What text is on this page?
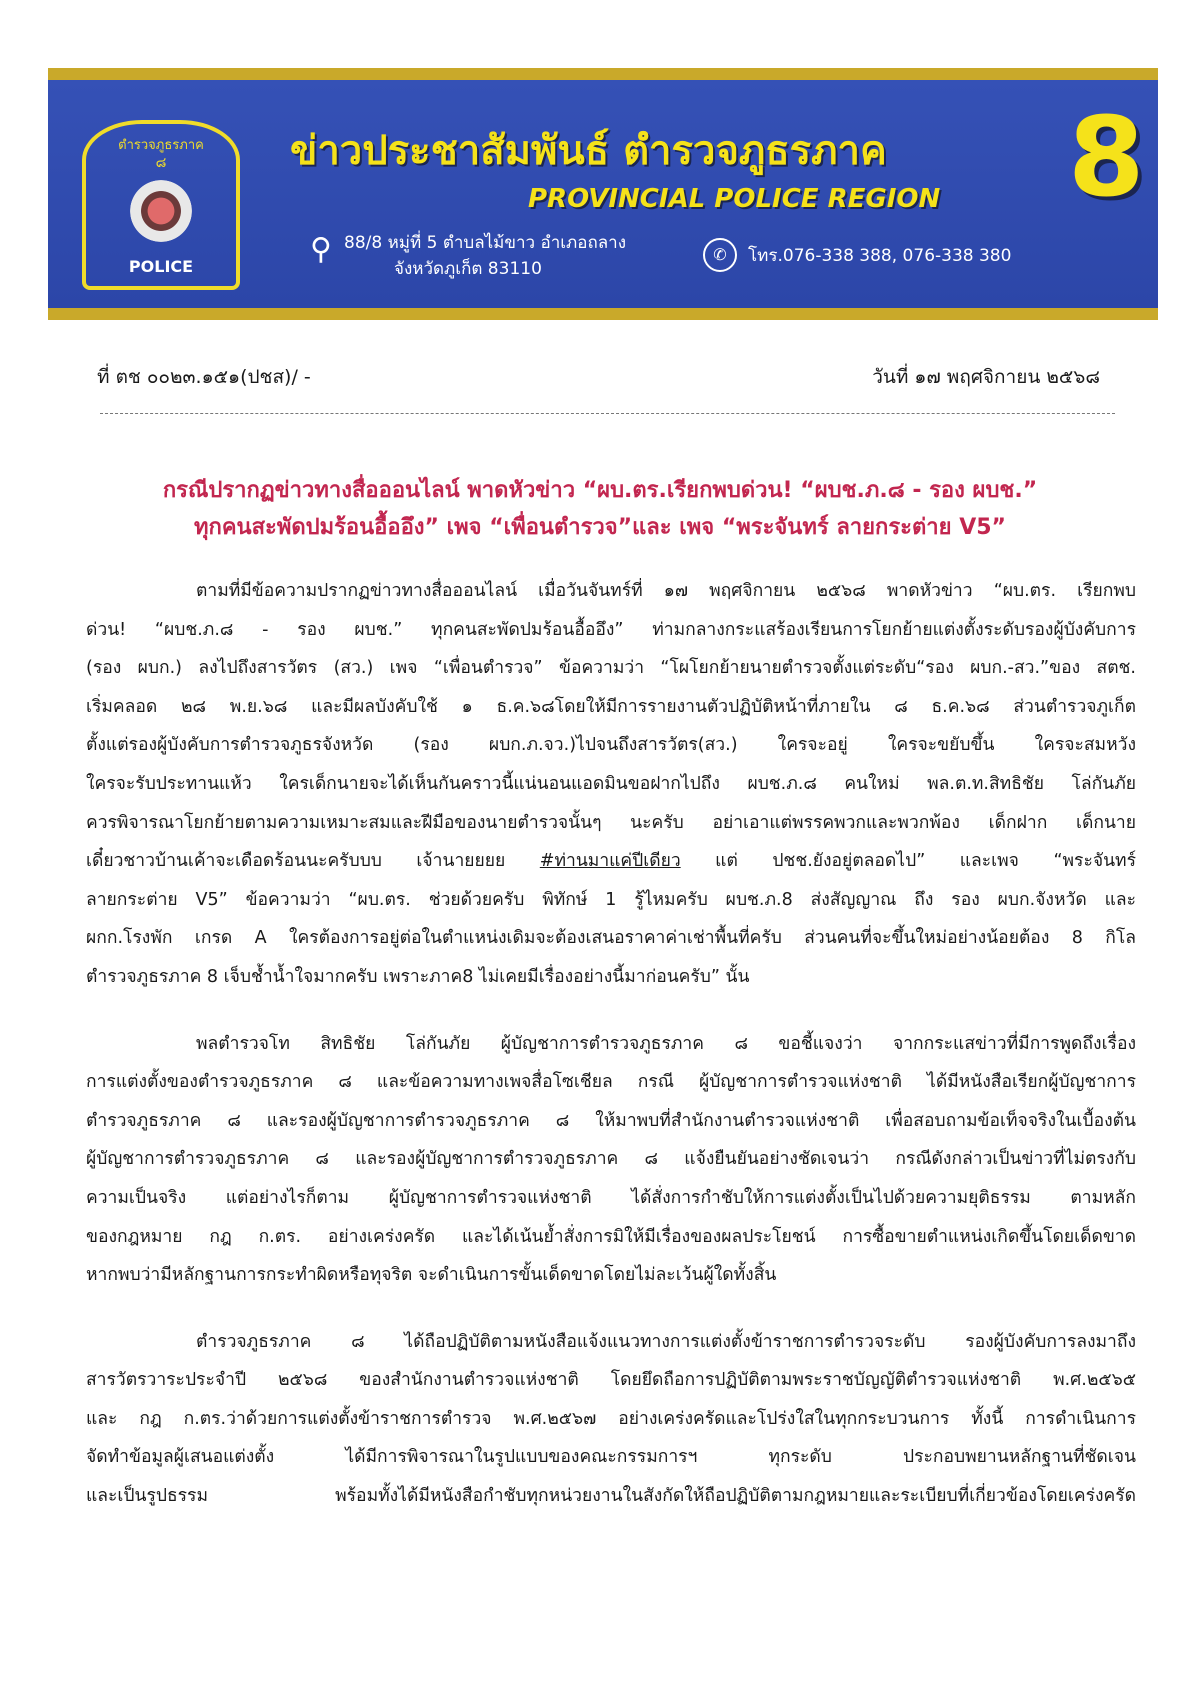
ตำรวจภูธรภาค
๘
POLICE
ข่าวประชาสัมพันธ์ ตำรวจภูธรภาค
PROVINCIAL POLICE REGION 8
⚲ 88/8 หมู่ที่ 5 ตำบลไม้ขาว อำเภอถลาง
จังหวัดภูเก็ต 83110
✆	โทร.076-338 388, 076-338 380
ที่ ตช ๐๐๒๓.๑๕๑(ปชส)/ -	วันที่ ๑๗ พฤศจิกายน ๒๕๖๘
กรณีปรากฏข่าวทางสื่อออนไลน์ พาดหัวข่าว “ผบ.ตร.เรียกพบด่วน! “ผบช.ภ.๘ - รอง ผบช.”
ทุกคนสะพัดปมร้อนอื้ออึง” เพจ “เพื่อนตำรวจ”และ เพจ “พระจันทร์ ลายกระต่าย V5”
ตามที่มีข้อความปรากฏข่าวทางสื่อออนไลน์ เมื่อวันจันทร์ที่ ๑๗ พฤศจิกายน ๒๕๖๘ พาดหัวข่าว “ผบ.ตร. เรียกพบ
ด่วน! “ผบช.ภ.๘ - รอง ผบช.” ทุกคนสะพัดปมร้อนอื้ออึง” ท่ามกลางกระแสร้องเรียนการโยกย้ายแต่งตั้งระดับรองผู้บังคับการ
(รอง ผบก.) ลงไปถึงสารวัตร (สว.) เพจ “เพื่อนตำรวจ” ข้อความว่า “โผโยกย้ายนายตำรวจตั้งแต่ระดับ“รอง ผบก.-สว.”ของ สตช.
เริ่มคลอด ๒๘ พ.ย.๖๘ และมีผลบังคับใช้ ๑ ธ.ค.๖๘โดยให้มีการรายงานตัวปฏิบัติหน้าที่ภายใน ๘ ธ.ค.๖๘ ส่วนตำรวจภูเก็ต
ตั้งแต่รองผู้บังคับการตำรวจภูธรจังหวัด (รอง ผบก.ภ.จว.)ไปจนถึงสารวัตร(สว.) ใครจะอยู่ ใครจะขยับขึ้น ใครจะสมหวัง
ใครจะรับประทานแห้ว ใครเด็กนายจะได้เห็นกันคราวนี้แน่นอนแอดมินขอฝากไปถึง ผบช.ภ.๘ คนใหม่ พล.ต.ท.สิทธิชัย โล่กันภัย
ควรพิจารณาโยกย้ายตามความเหมาะสมและฝีมือของนายตำรวจนั้นๆ นะครับ อย่าเอาแต่พรรคพวกและพวกพ้อง เด็กฝาก เด็กนาย
เดี๋ยวชาวบ้านเค้าจะเดือดร้อนนะครับบบ เจ้านายยยย #ท่านมาแค่ปีเดียว แต่ ปชช.ยังอยู่ตลอดไป” และเพจ “พระจันทร์
ลายกระต่าย V5” ข้อความว่า “ผบ.ตร. ช่วยด้วยครับ พิทักษ์ 1 รู้ไหมครับ ผบช.ภ.8 ส่งสัญญาณ ถึง รอง ผบก.จังหวัด และ
ผกก.โรงพัก เกรด A ใครต้องการอยู่ต่อในตำแหน่งเดิมจะต้องเสนอราคาค่าเช่าพื้นที่ครับ ส่วนคนที่จะขึ้นใหม่อย่างน้อยต้อง 8 กิโล
ตำรวจภูธรภาค 8 เจ็บช้ำน้ำใจมากครับ เพราะภาค8 ไม่เคยมีเรื่องอย่างนี้มาก่อนครับ” นั้น
พลตำรวจโท สิทธิชัย โล่กันภัย ผู้บัญชาการตำรวจภูธรภาค ๘ ขอชี้แจงว่า จากกระแสข่าวที่มีการพูดถึงเรื่อง
การแต่งตั้งของตำรวจภูธรภาค ๘ และข้อความทางเพจสื่อโซเชียล กรณี ผู้บัญชาการตำรวจแห่งชาติ ได้มีหนังสือเรียกผู้บัญชาการ
ตำรวจภูธรภาค ๘ และรองผู้บัญชาการตำรวจภูธรภาค ๘ ให้มาพบที่สำนักงานตำรวจแห่งชาติ เพื่อสอบถามข้อเท็จจริงในเบื้องต้น
ผู้บัญชาการตำรวจภูธรภาค ๘ และรองผู้บัญชาการตำรวจภูธรภาค ๘ แจ้งยืนยันอย่างชัดเจนว่า กรณีดังกล่าวเป็นข่าวที่ไม่ตรงกับ
ความเป็นจริง แต่อย่างไรก็ตาม ผู้บัญชาการตำรวจแห่งชาติ ได้สั่งการกำชับให้การแต่งตั้งเป็นไปด้วยความยุติธรรม ตามหลัก
ของกฎหมาย กฎ ก.ตร. อย่างเคร่งครัด และได้เน้นย้ำสั่งการมิให้มีเรื่องของผลประโยชน์ การซื้อขายตำแหน่งเกิดขึ้นโดยเด็ดขาด
หากพบว่ามีหลักฐานการกระทำผิดหรือทุจริต จะดำเนินการขั้นเด็ดขาดโดยไม่ละเว้นผู้ใดทั้งสิ้น
ตำรวจภูธรภาค ๘ ได้ถือปฏิบัติตามหนังสือแจ้งแนวทางการแต่งตั้งข้าราชการตำรวจระดับ รองผู้บังคับการลงมาถึง
สารวัตรวาระประจำปี ๒๕๖๘ ของสำนักงานตำรวจแห่งชาติ โดยยึดถือการปฏิบัติตามพระราชบัญญัติตำรวจแห่งชาติ พ.ศ.๒๕๖๕
และ กฎ ก.ตร.ว่าด้วยการแต่งตั้งข้าราชการตำรวจ พ.ศ.๒๕๖๗ อย่างเคร่งครัดและโปร่งใสในทุกกระบวนการ ทั้งนี้ การดำเนินการ
จัดทำข้อมูลผู้เสนอแต่งตั้ง ได้มีการพิจารณาในรูปแบบของคณะกรรมการฯ ทุกระดับ ประกอบพยานหลักฐานที่ชัดเจน
และเป็นรูปธรรม พร้อมทั้งได้มีหนังสือกำชับทุกหน่วยงานในสังกัดให้ถือปฏิบัติตามกฎหมายและระเบียบที่เกี่ยวข้องโดยเคร่งครัด
